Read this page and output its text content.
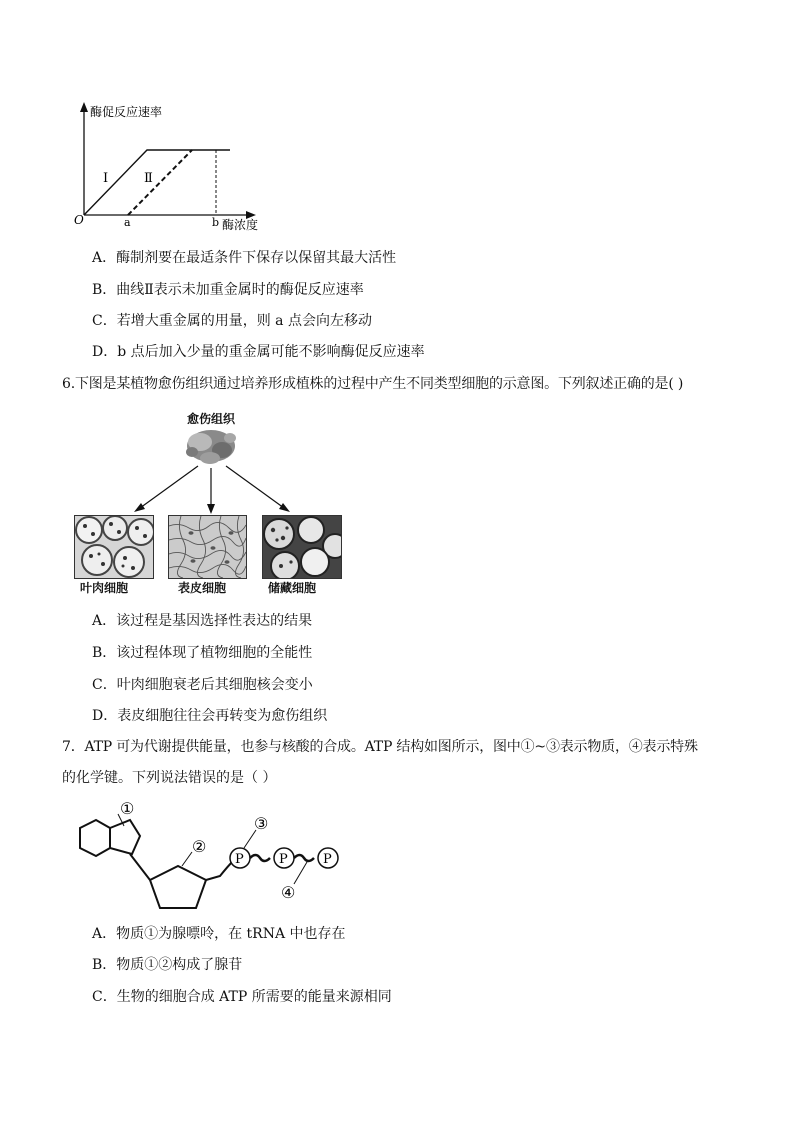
酶促反应速率
酶浓度
O	a	b
Ⅰ	Ⅱ
A．酶制剂要在最适条件下保存以保留其最大活性
B．曲线Ⅱ表示未加重金属时的酶促反应速率
C．若增大重金属的用量，则 a 点会向左移动
D．b 点后加入少量的重金属可能不影响酶促反应速率
6.下图是某植物愈伤组织通过培养形成植株的过程中产生不同类型细胞的示意图。下列叙述正确的是( )
愈伤组织
叶肉细胞	表皮细胞	储藏细胞
A．该过程是基因选择性表达的结果
B．该过程体现了植物细胞的全能性
C．叶肉细胞衰老后其细胞核会变小
D．表皮细胞往往会再转变为愈伤组织
7．ATP 可为代谢提供能量，也参与核酸的合成。ATP 结构如图所示，图中①~③表示物质，④表示特殊
的化学键。下列说法错误的是（ ）
P	P	P
①
②
③
④
A．物质①为腺嘌呤，在 tRNA 中也存在
B．物质①②构成了腺苷
C．生物的细胞合成 ATP 所需要的能量来源相同
